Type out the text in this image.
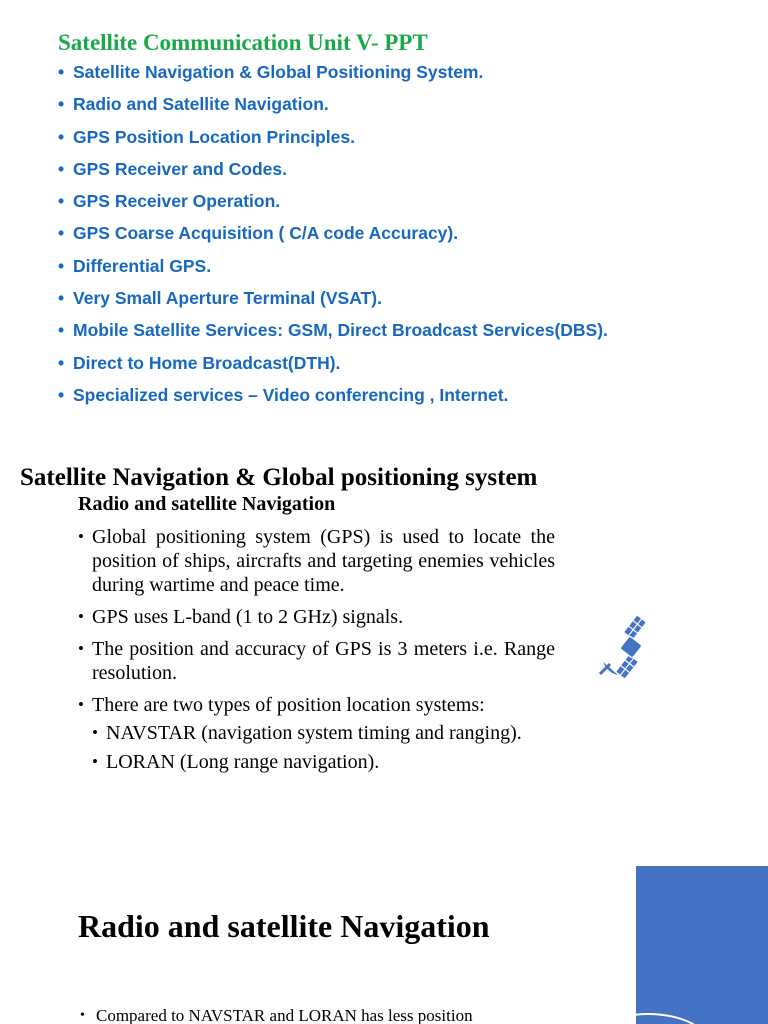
Satellite Communication Unit V- PPT
• Satellite Navigation & Global Positioning System.
• Radio and Satellite Navigation.
• GPS Position Location Principles.
• GPS Receiver and Codes.
• GPS Receiver Operation.
• GPS Coarse Acquisition ( C/A code Accuracy).
• Differential GPS.
• Very Small Aperture Terminal (VSAT).
• Mobile Satellite Services: GSM, Direct Broadcast Services(DBS).
• Direct to Home Broadcast(DTH).
• Specialized services – Video conferencing , Internet.
Satellite Navigation & Global positioning system
Radio and satellite Navigation
• Global positioning system (GPS) is used to locate the position of ships, aircrafts and targeting enemies vehicles during wartime and peace time.
• GPS uses L-band (1 to 2 GHz) signals.
• The position and accuracy of GPS is 3 meters i.e. Range resolution.
• There are two types of position location systems:
• NAVSTAR (navigation system timing and ranging).
• LORAN (Long range navigation).
Radio and satellite Navigation
• Compared to NAVSTAR and LORAN has less position
